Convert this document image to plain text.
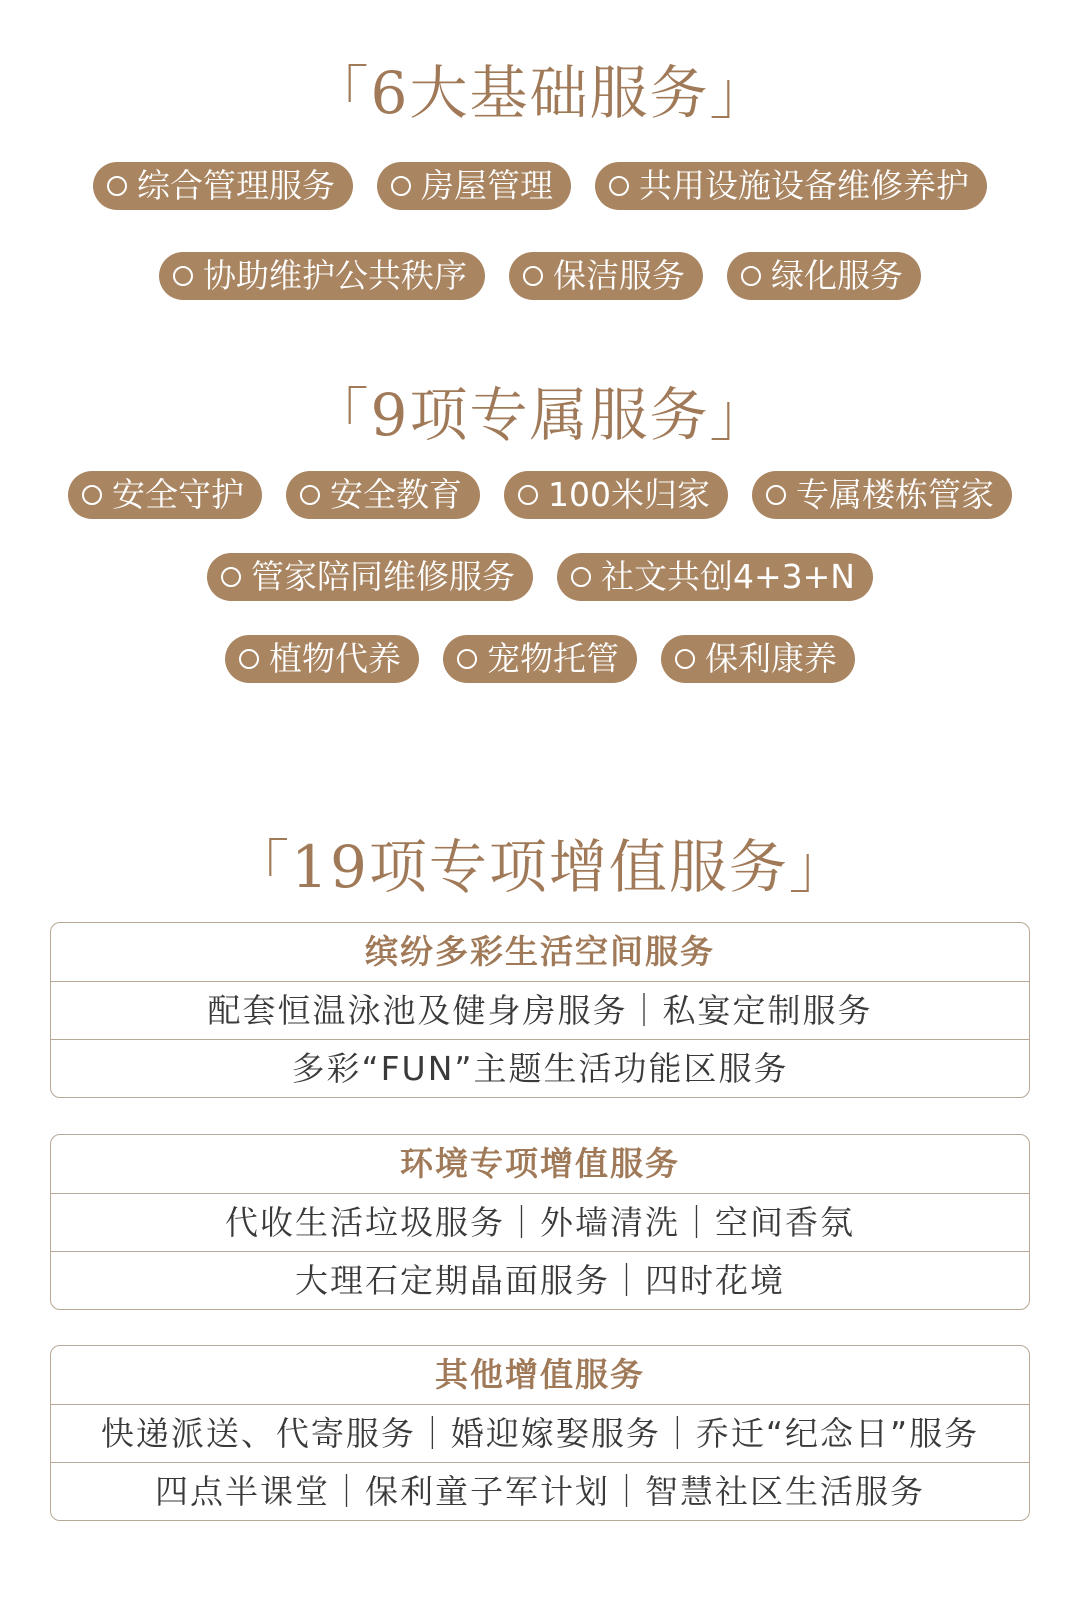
「6大基础服务」
综合管理服务	房屋管理	共用设施设备维修养护
协助维护公共秩序	保洁服务	绿化服务
「9项专属服务」
安全守护	安全教育	100米归家	专属楼栋管家
管家陪同维修服务	社文共创4+3+N
植物代养	宠物托管	保利康养
「19项专项增值服务」
缤纷多彩生活空间服务
配套恒温泳池及健身房服务｜私宴定制服务
多彩“FUN”主题生活功能区服务
环境专项增值服务
代收生活垃圾服务｜外墙清洗｜空间香氛
大理石定期晶面服务｜四时花境
其他增值服务
快递派送、代寄服务｜婚迎嫁娶服务｜乔迁“纪念日”服务
四点半课堂｜保利童子军计划｜智慧社区生活服务
